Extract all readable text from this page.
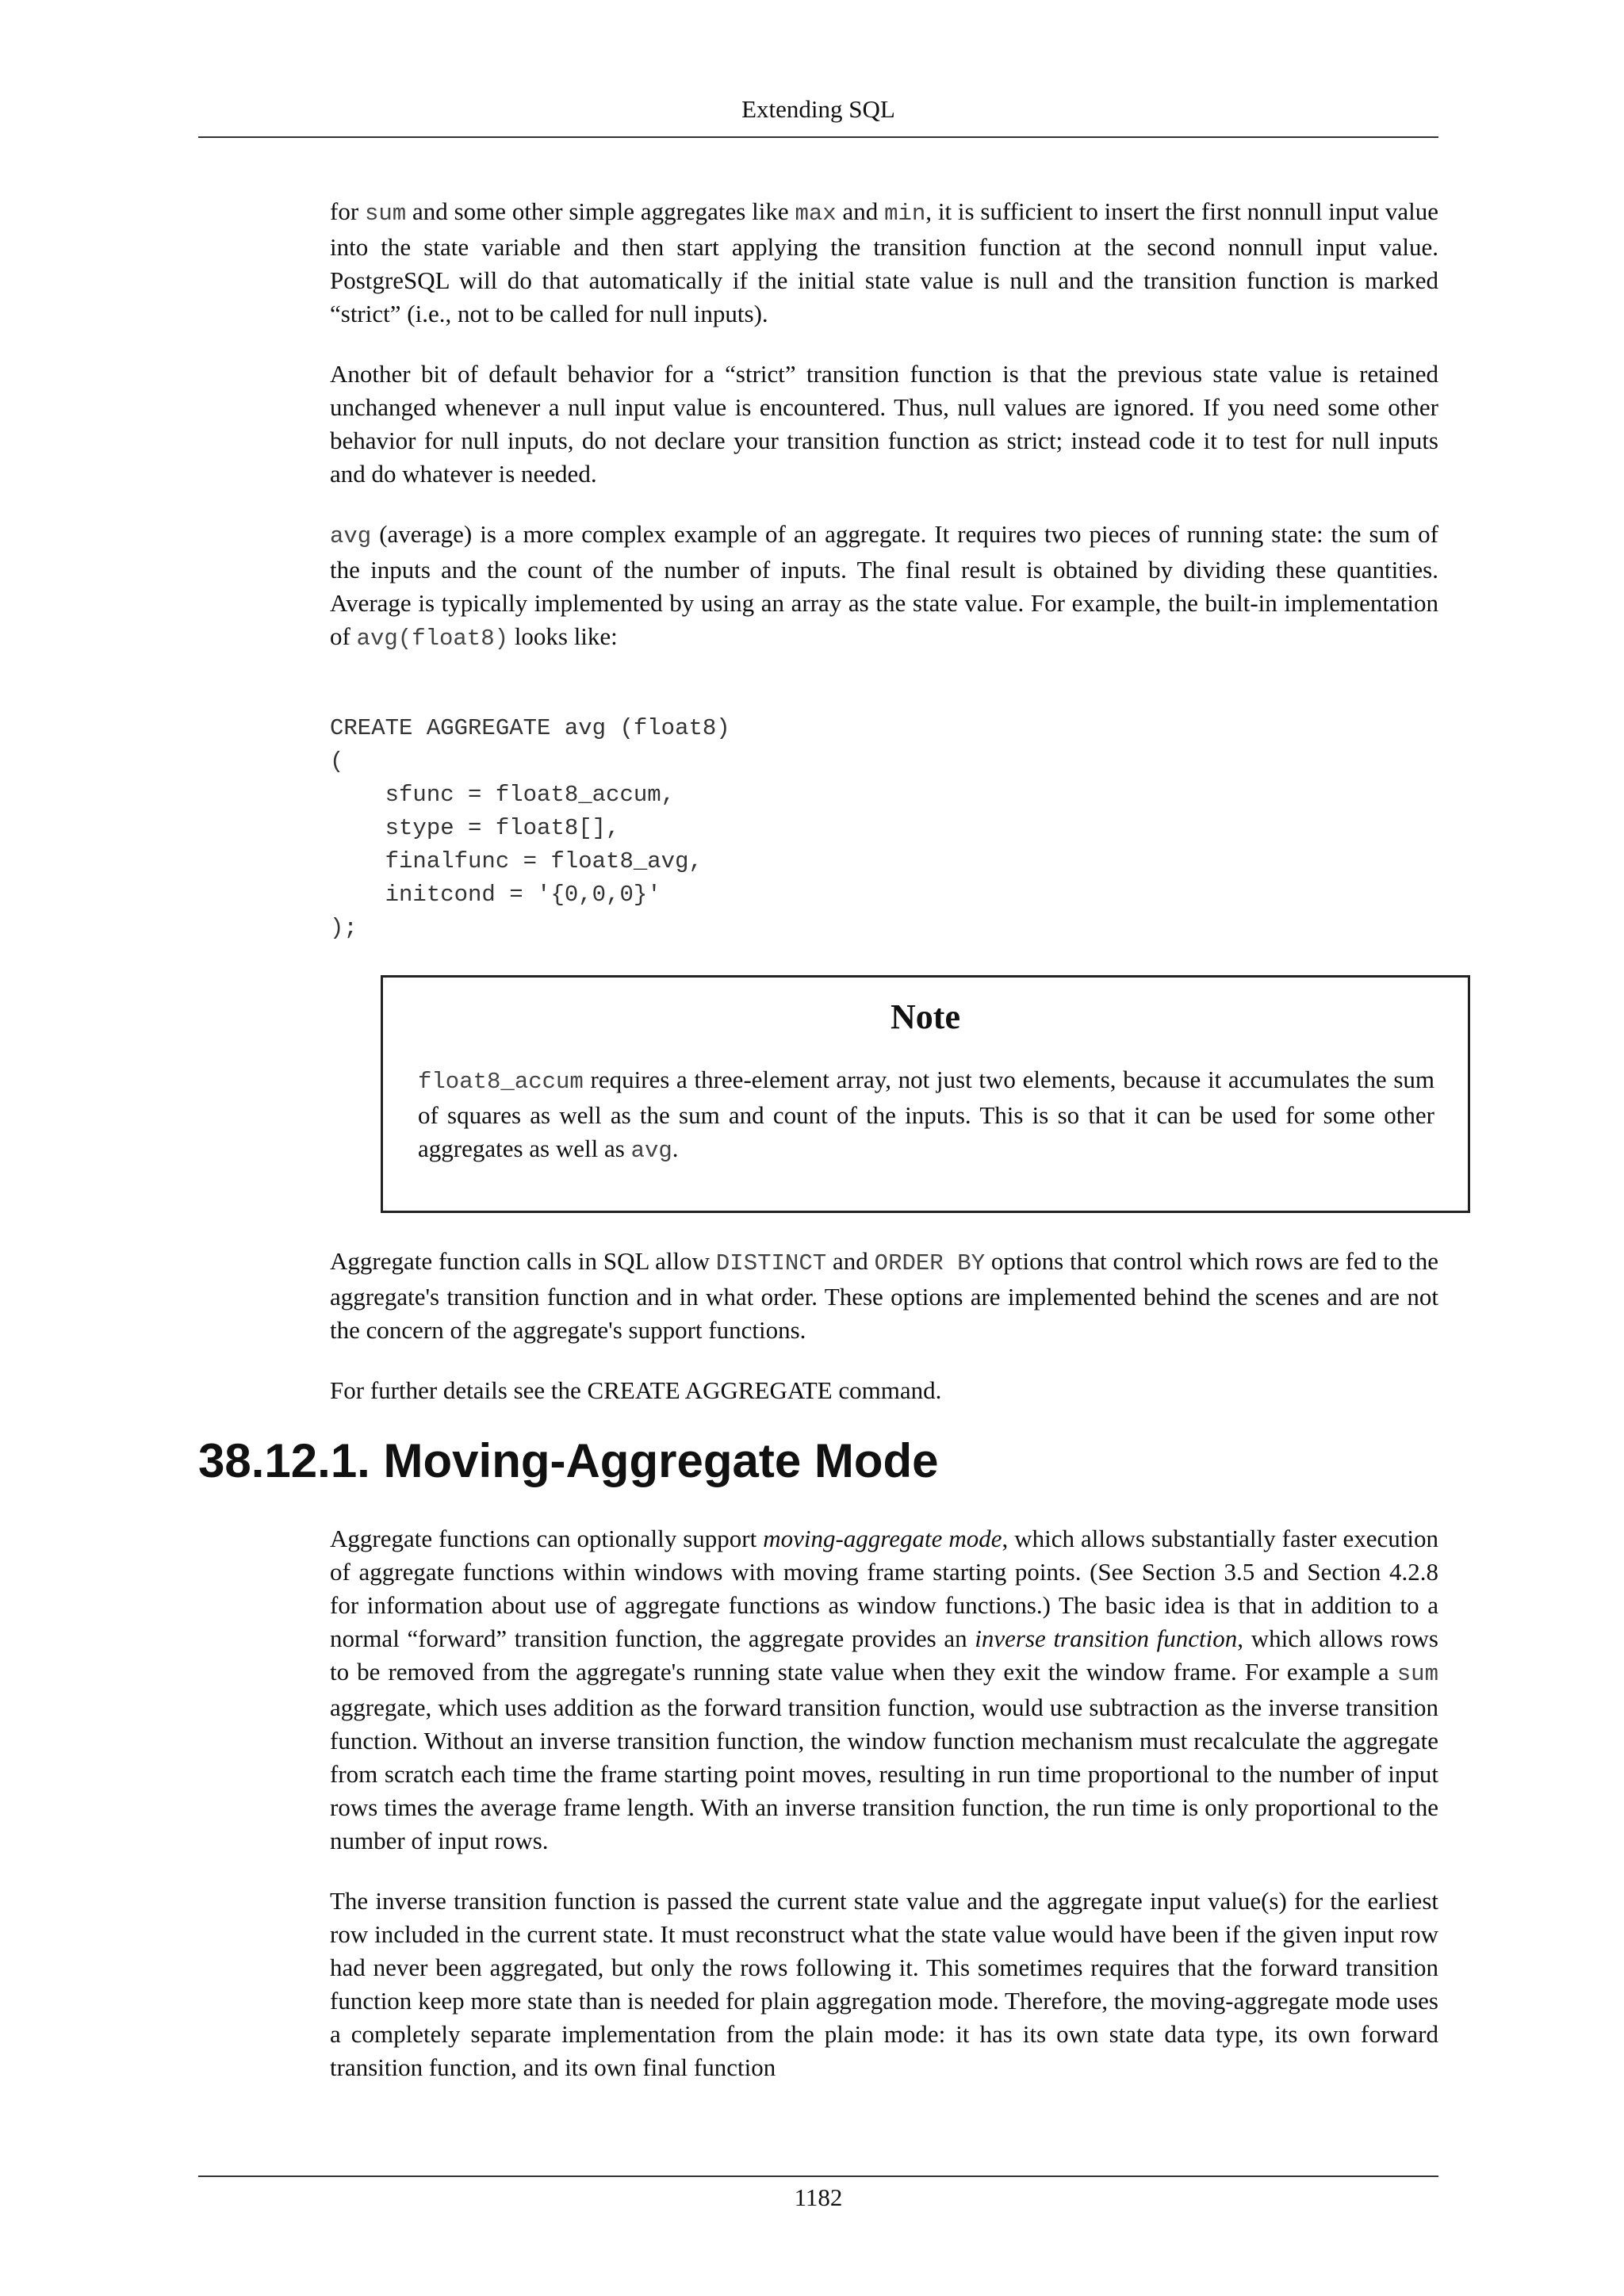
Extending SQL

for sum and some other simple aggregates like max and min, it is sufficient to insert the first nonnull input value into the state variable and then start applying the transition function at the second nonnull input value. PostgreSQL will do that automatically if the initial state value is null and the transition function is marked “strict” (i.e., not to be called for null inputs).

Another bit of default behavior for a “strict” transition function is that the previous state value is retained unchanged whenever a null input value is encountered. Thus, null values are ignored. If you need some other behavior for null inputs, do not declare your transition function as strict; instead code it to test for null inputs and do whatever is needed.

avg (average) is a more complex example of an aggregate. It requires two pieces of running state: the sum of the inputs and the count of the number of inputs. The final result is obtained by dividing these quantities. Average is typically implemented by using an array as the state value. For example, the built-in implementation of avg(float8) looks like:

CREATE AGGREGATE avg (float8)
(
sfunc = float8_accum,
stype = float8[],
finalfunc = float8_avg,
initcond = '{0,0,0}'
);
Note
float8_accum requires a three-element array, not just two elements, because it accumulates the sum of squares as well as the sum and count of the inputs. This is so that it can be used for some other aggregates as well as avg.

Aggregate function calls in SQL allow DISTINCT and ORDER BY options that control which rows are fed to the aggregate's transition function and in what order. These options are implemented behind the scenes and are not the concern of the aggregate's support functions.

For further details see the CREATE AGGREGATE command.

38.12.1. Moving-Aggregate Mode

Aggregate functions can optionally support moving-aggregate mode, which allows substantially faster execution of aggregate functions within windows with moving frame starting points. (See Section 3.5 and Section 4.2.8 for information about use of aggregate functions as window functions.) The basic idea is that in addition to a normal “forward” transition function, the aggregate provides an inverse transition function, which allows rows to be removed from the aggregate's running state value when they exit the window frame. For example a sum aggregate, which uses addition as the forward transition function, would use subtraction as the inverse transition function. Without an inverse transition function, the window function mechanism must recalculate the aggregate from scratch each time the frame starting point moves, resulting in run time proportional to the number of input rows times the average frame length. With an inverse transition function, the run time is only proportional to the number of input rows.

The inverse transition function is passed the current state value and the aggregate input value(s) for the earliest row included in the current state. It must reconstruct what the state value would have been if the given input row had never been aggregated, but only the rows following it. This sometimes requires that the forward transition function keep more state than is needed for plain aggregation mode. Therefore, the moving-aggregate mode uses a completely separate implementation from the plain mode: it has its own state data type, its own forward transition function, and its own final function

1182
